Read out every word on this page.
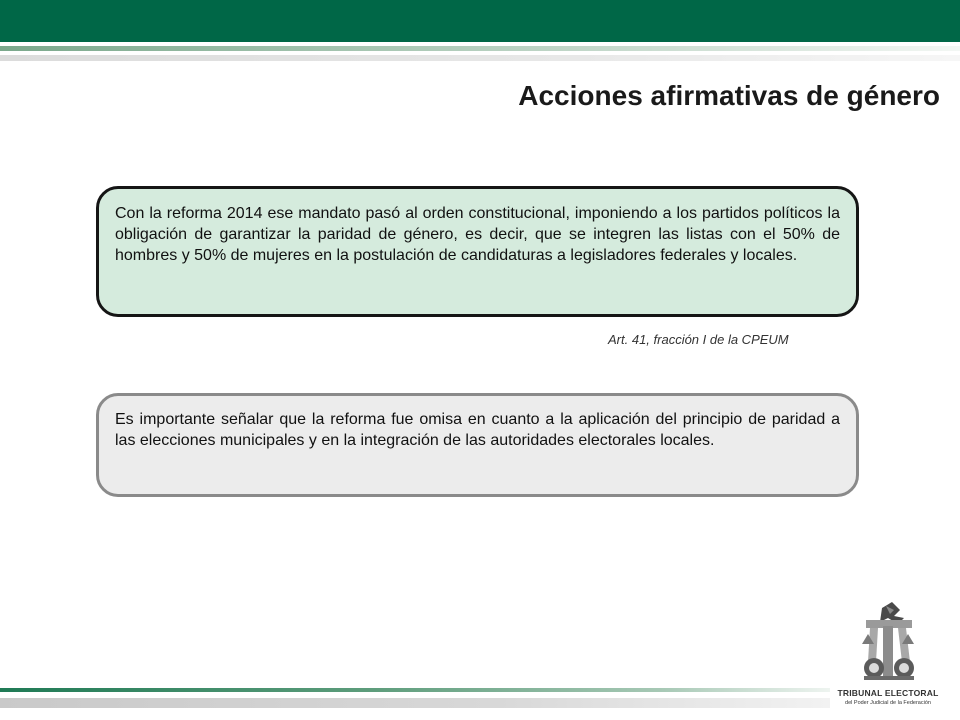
Acciones afirmativas de género
Con la reforma 2014 ese mandato pasó al orden constitucional, imponiendo a los partidos políticos la obligación de garantizar la paridad de género, es decir, que se integren las listas con el 50% de hombres y 50% de mujeres en la postulación de candidaturas a legisladores federales y locales.
Art. 41, fracción I de la CPEUM
Es importante señalar que la reforma fue omisa en cuanto a la aplicación del principio de paridad a las elecciones municipales y en la integración de las autoridades electorales locales.
TRIBUNAL ELECTORAL
del Poder Judicial de la Federación
